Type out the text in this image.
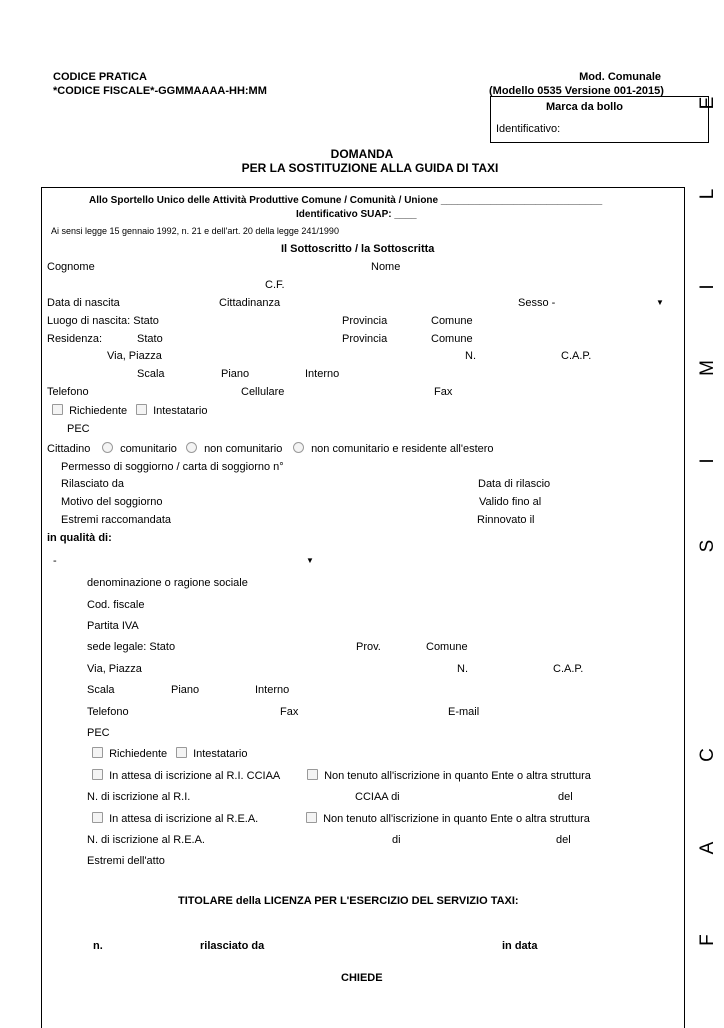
CODICE PRATICA
*CODICE FISCALE*-GGMMAAAA-HH:MM
Mod. Comunale
(Modello 0535 Versione 001-2015)
Marca da bollo
Identificativo:
E
L
I
M
I
S
C
A
F
DOMANDA
PER LA SOSTITUZIONE ALLA GUIDA DI TAXI
Allo Sportello Unico delle Attività Produttive Comune / Comunità / Unione _____________________________
Identificativo SUAP: ____
Ai sensi legge 15 gennaio 1992, n. 21 e dell'art. 20 della legge 241/1990
Il Sottoscritto / la Sottoscritta
Cognome	Nome
C.F.
Data di nascita	Cittadinanza	Sesso -	▼
Luogo di nascita: Stato	Provincia	Comune
Residenza:	Stato	Provincia	Comune
Via, Piazza	N.	C.A.P.
Scala	Piano	Interno
Telefono	Cellulare	Fax
Richiedente	Intestatario
PEC
Cittadino	comunitario	non comunitario	non comunitario e residente all'estero
Permesso di soggiorno / carta di soggiorno n°
Rilasciato da	Data di rilascio
Motivo del soggiorno	Valido fino al
Estremi raccomandata	Rinnovato il
in qualità di:
-	▼
denominazione o ragione sociale
Cod. fiscale
Partita IVA
sede legale: Stato	Prov.	Comune
Via, Piazza	N.	C.A.P.
Scala	Piano	Interno
Telefono	Fax	E-mail
PEC
Richiedente	Intestatario
In attesa di iscrizione al R.I. CCIAA	Non tenuto all'iscrizione in quanto Ente o altra struttura
N. di iscrizione al R.I.	CCIAA di	del
In attesa di iscrizione al R.E.A.	Non tenuto all'iscrizione in quanto Ente o altra struttura
N. di iscrizione al R.E.A.	di	del
Estremi dell'atto
TITOLARE della LICENZA PER L'ESERCIZIO DEL SERVIZIO TAXI:
n.	rilasciato da	in data
CHIEDE
